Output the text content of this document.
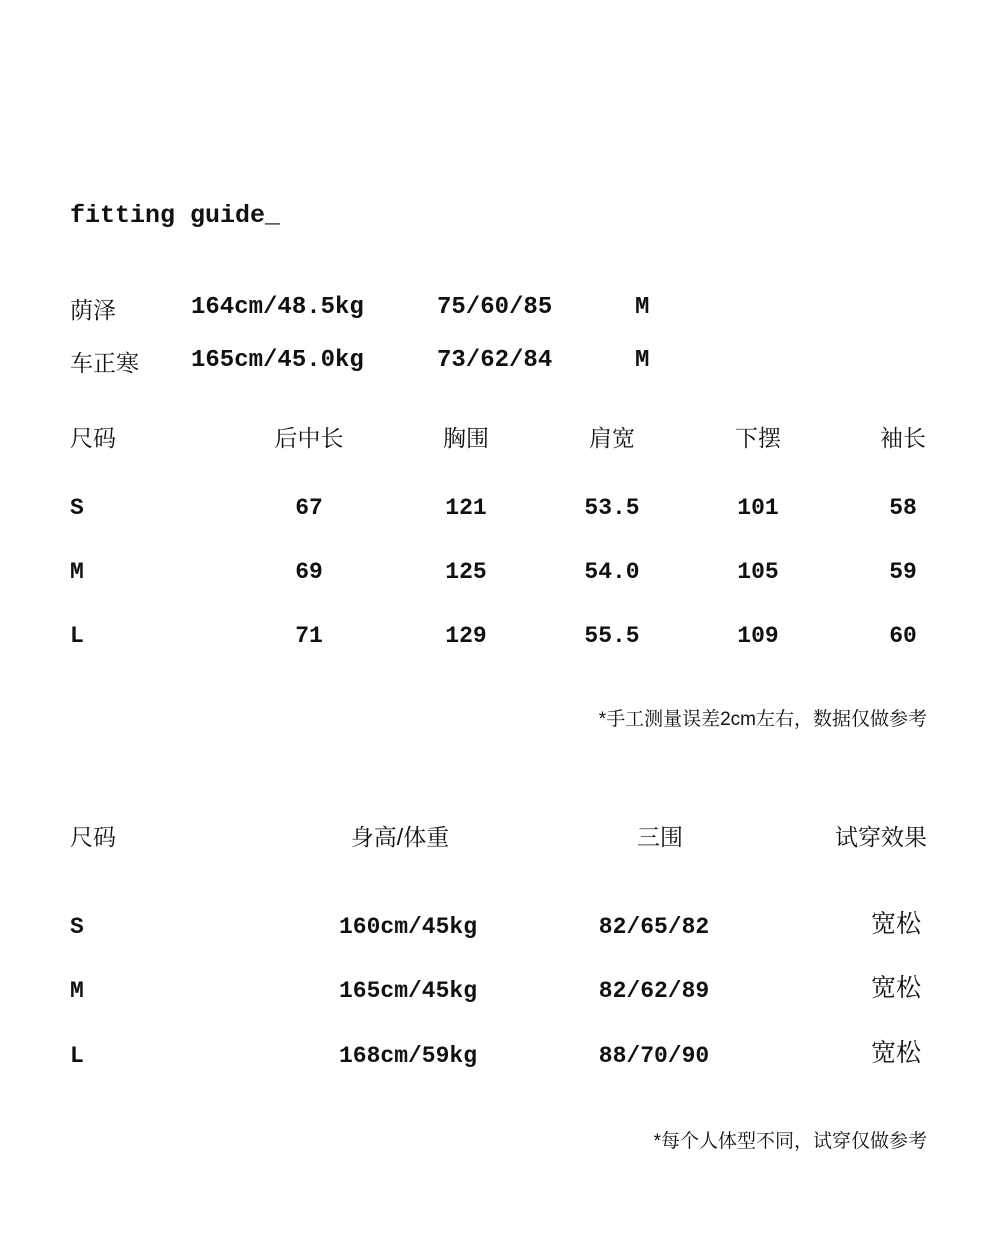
fitting guide_
荫泽	164cm/48.5kg	75/60/85	M
车正寒 165cm/45.0kg	73/62/84	M
尺码	后中长	胸围	肩宽	下摆	袖长
S	67	121	53.5	101	58
M	69	125	54.0	105	59
L	71	129	55.5	109	60
*手工测量误差2cm左右，数据仅做参考
尺码	身高/体重	三围	试穿效果
S	160cm/45kg	82/65/82	宽松
M	165cm/45kg	82/62/89	宽松
L	168cm/59kg	88/70/90	宽松
*每个人体型不同，试穿仅做参考
